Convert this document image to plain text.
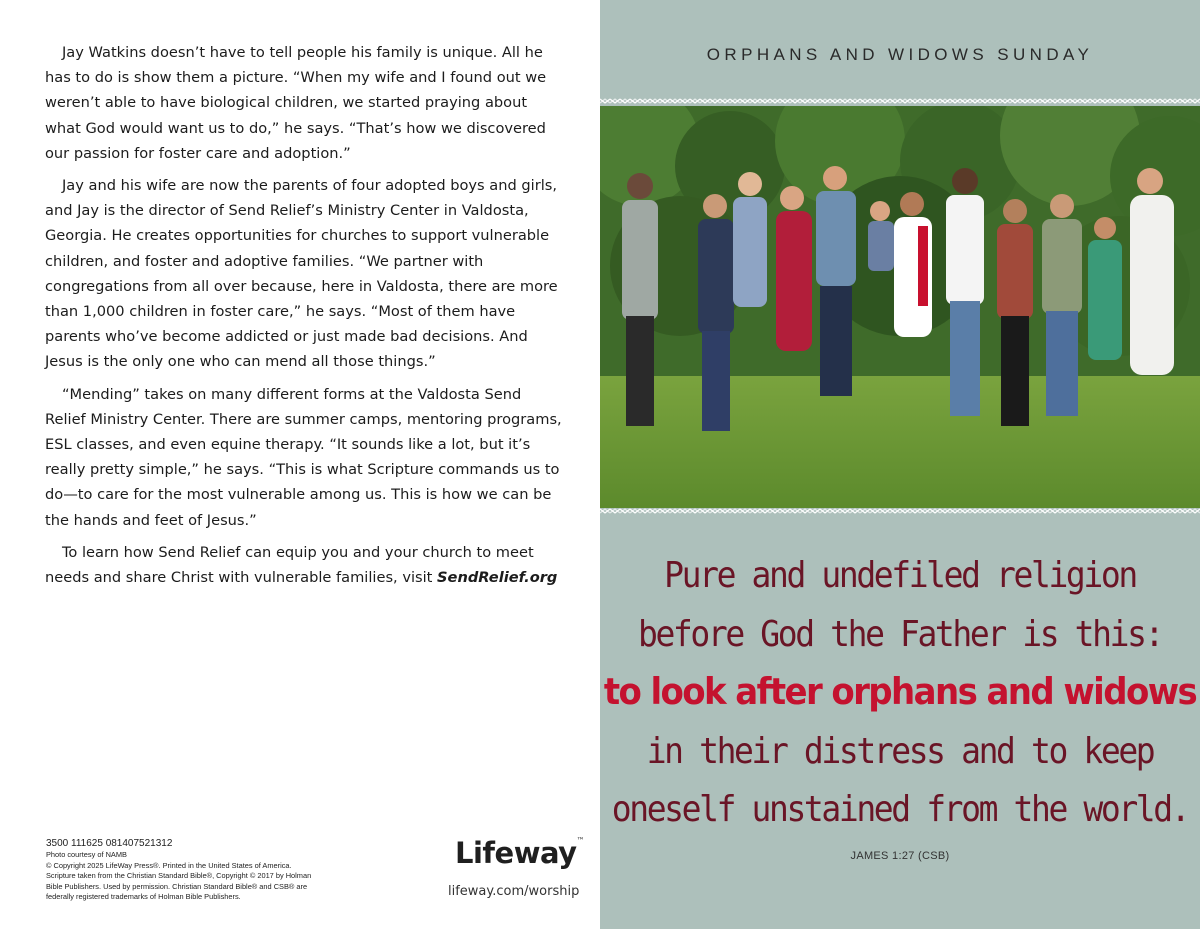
Jay Watkins doesn’t have to tell people his family is unique. All he has to do is show them a picture. “When my wife and I found out we weren’t able to have biological children, we started praying about what God would want us to do,” he says. “That’s how we discovered our passion for foster care and adoption.”

Jay and his wife are now the parents of four adopted boys and girls, and Jay is the director of Send Relief’s Ministry Center in Valdosta, Georgia. He creates opportunities for churches to support vulnerable children, and foster and adoptive families. “We partner with congregations from all over because, here in Valdosta, there are more than 1,000 children in foster care,” he says. “Most of them have parents who’ve become addicted or just made bad decisions. And Jesus is the only one who can mend all those things.”

“Mending” takes on many different forms at the Valdosta Send Relief Ministry Center. There are summer camps, mentoring programs, ESL classes, and even equine therapy. “It sounds like a lot, but it’s really pretty simple,” he says. “This is what Scripture commands us to do—to care for the most vulnerable among us. This is how we can be the hands and feet of Jesus.”

To learn how Send Relief can equip you and your church to meet needs and share Christ with vulnerable families, visit SendRelief.org

3500 111625 081407521312
Photo courtesy of NAMB
© Copyright 2025 LifeWay Press®. Printed in the United States of America. Scripture taken from the Christian Standard Bible®, Copyright © 2017 by Holman Bible Publishers. Used by permission. Christian Standard Bible® and CSB® are federally registered trademarks of Holman Bible Publishers.
Lifeway™
lifeway.com/worship
ORPHANS AND WIDOWS SUNDAY
Pure and undefiled religion
before God the Father is this:
to look after orphans and widows
in their distress and to keep
oneself unstained from the world.
JAMES 1:27 (CSB)
